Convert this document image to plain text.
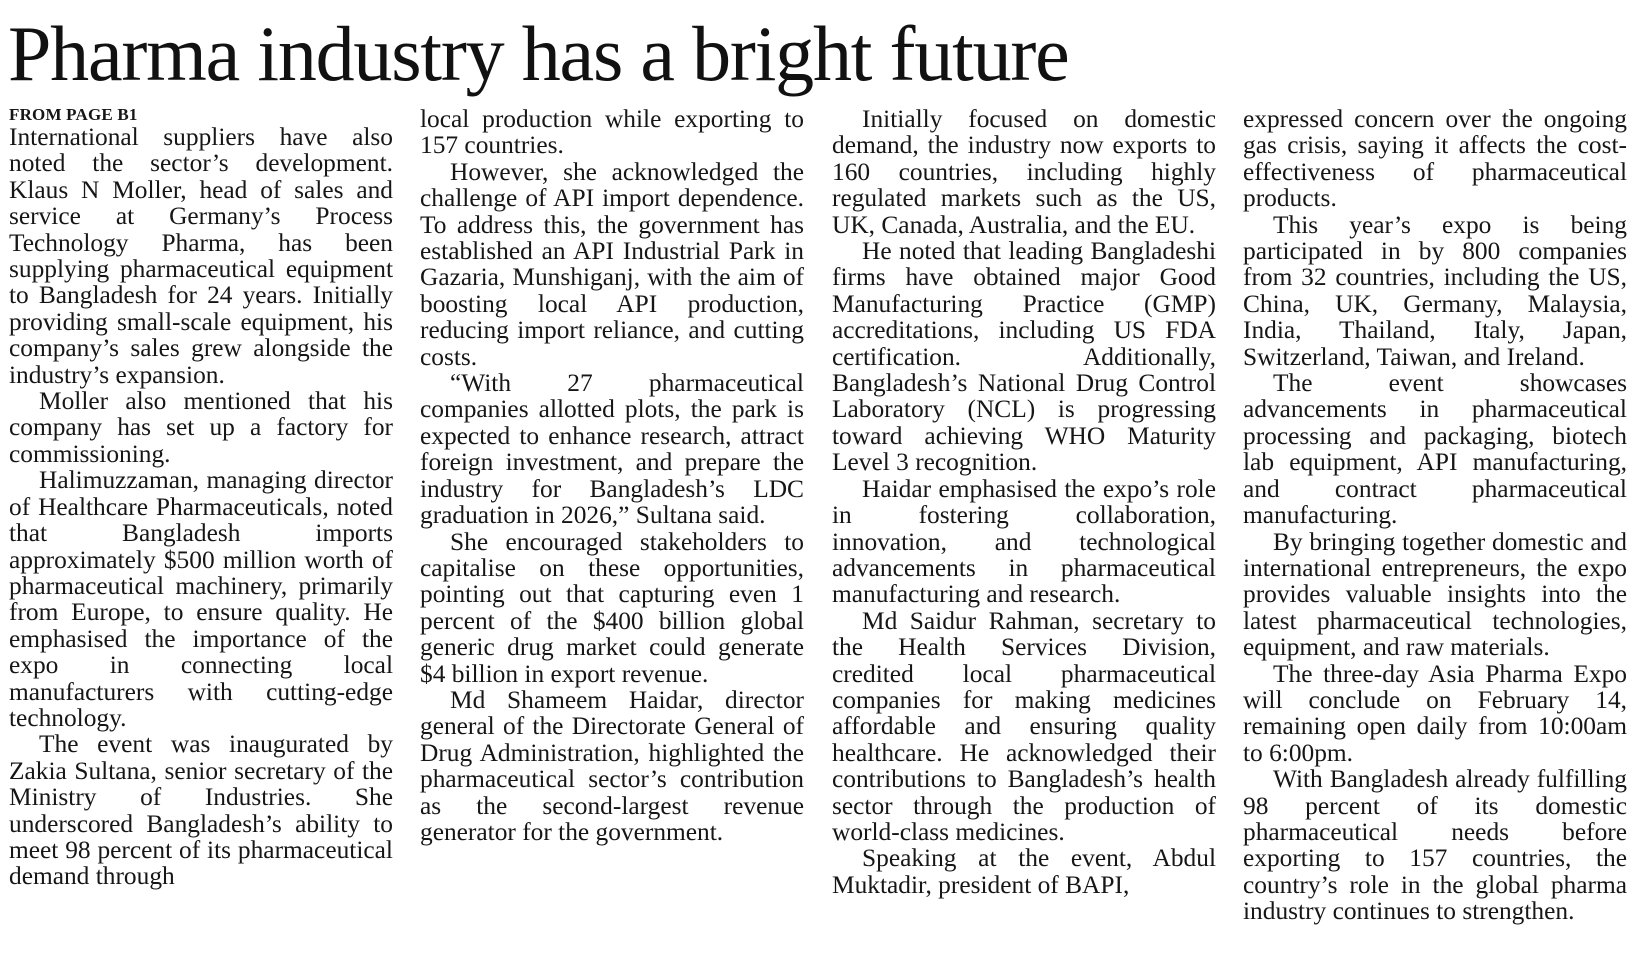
Pharma industry has a bright future
FROM PAGE B1

International suppliers have also noted the sector’s development. Klaus N Moller, head of sales and service at Germany’s Process Technology Pharma, has been supplying pharmaceutical equipment to Bangladesh for 24 years. Initially providing small-scale equipment, his company’s sales grew alongside the industry’s expansion.

Moller also mentioned that his company has set up a factory for commissioning.

Halimuzzaman, managing director of Healthcare Pharmaceuticals, noted that Bangladesh imports approximately $500 million worth of pharmaceutical machinery, primarily from Europe, to ensure quality. He emphasised the importance of the expo in connecting local manufacturers with cutting-edge technology.

The event was inaugurated by Zakia Sultana, senior secretary of the Ministry of Industries. She underscored Bangladesh’s ability to meet 98 percent of its pharmaceutical demand through

local production while exporting to 157 countries.

However, she acknowledged the challenge of API import dependence. To address this, the government has established an API Industrial Park in Gazaria, Munshiganj, with the aim of boosting local API production, reducing import reliance, and cutting costs.

“With 27 pharmaceutical companies allotted plots, the park is expected to enhance research, attract foreign investment, and prepare the industry for Bangladesh’s LDC graduation in 2026,” Sultana said.

She encouraged stakeholders to capitalise on these opportunities, pointing out that capturing even 1 percent of the $400 billion global generic drug market could generate $4 billion in export revenue.

Md Shameem Haidar, director general of the Directorate General of Drug Administration, highlighted the pharmaceutical sector’s contribution as the second-largest revenue generator for the government.

Initially focused on domestic demand, the industry now exports to 160 countries, including highly regulated markets such as the US, UK, Canada, Australia, and the EU.

He noted that leading Bangladeshi firms have obtained major Good Manufacturing Practice (GMP) accreditations, including US FDA certification. Additionally, Bangladesh’s National Drug Control Laboratory (NCL) is progressing toward achieving WHO Maturity Level 3 recognition.

Haidar emphasised the expo’s role in fostering collaboration, innovation, and technological advancements in pharmaceutical manufacturing and research.

Md Saidur Rahman, secretary to the Health Services Division, credited local pharmaceutical companies for making medicines affordable and ensuring quality healthcare. He acknowledged their contributions to Bangladesh’s health sector through the production of world-class medicines.

Speaking at the event, Abdul Muktadir, president of BAPI,

expressed concern over the ongoing gas crisis, saying it affects the cost-effectiveness of pharmaceutical products.

This year’s expo is being participated in by 800 companies from 32 countries, including the US, China, UK, Germany, Malaysia, India, Thailand, Italy, Japan, Switzerland, Taiwan, and Ireland.

The event showcases advancements in pharmaceutical processing and packaging, biotech lab equipment, API manufacturing, and contract pharmaceutical manufacturing.

By bringing together domestic and international entrepreneurs, the expo provides valuable insights into the latest pharmaceutical technologies, equipment, and raw materials.

The three-day Asia Pharma Expo will conclude on February 14, remaining open daily from 10:00am to 6:00pm.

With Bangladesh already fulfilling 98 percent of its domestic pharmaceutical needs before exporting to 157 countries, the country’s role in the global pharma industry continues to strengthen.
